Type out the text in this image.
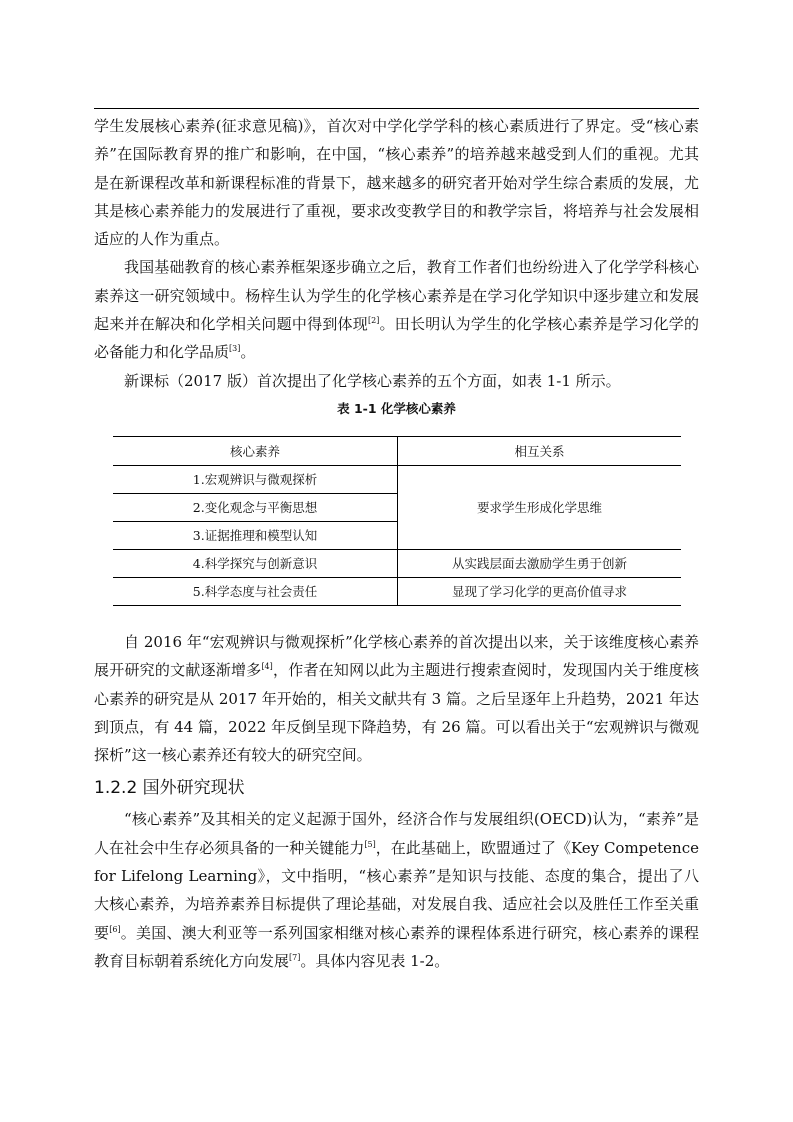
学生发展核心素养(征求意见稿)》，首次对中学化学学科的核心素质进行了界定。受“核心素养”在国际教育界的推广和影响，在中国，“核心素养”的培养越来越受到人们的重视。尤其是在新课程改革和新课程标准的背景下，越来越多的研究者开始对学生综合素质的发展，尤其是核心素养能力的发展进行了重视，要求改变教学目的和教学宗旨，将培养与社会发展相适应的人作为重点。

我国基础教育的核心素养框架逐步确立之后，教育工作者们也纷纷进入了化学学科核心素养这一研究领域中。杨梓生认为学生的化学核心素养是在学习化学知识中逐步建立和发展起来并在解决和化学相关问题中得到体现[2]。田长明认为学生的化学核心素养是学习化学的必备能力和化学品质[3]。

新课标（2017 版）首次提出了化学核心素养的五个方面，如表 1-1 所示。

表 1-1 化学核心素养
核心素养	相互关系
1.宏观辨识与微观探析	要求学生形成化学思维
2.变化观念与平衡思想	
3.证据推理和模型认知	
4.科学探究与创新意识	从实践层面去激励学生勇于创新
5.科学态度与社会责任	显现了学习化学的更高价值寻求

自 2016 年“宏观辨识与微观探析”化学核心素养的首次提出以来，关于该维度核心素养展开研究的文献逐渐增多[4]，作者在知网以此为主题进行搜索查阅时，发现国内关于维度核心素养的研究是从 2017 年开始的，相关文献共有 3 篇。之后呈逐年上升趋势，2021 年达到顶点，有 44 篇，2022 年反倒呈现下降趋势，有 26 篇。可以看出关于“宏观辨识与微观探析”这一核心素养还有较大的研究空间。

1.2.2 国外研究现状

“核心素养”及其相关的定义起源于国外，经济合作与发展组织(OECD)认为，“素养”是人在社会中生存必须具备的一种关键能力[5]，在此基础上，欧盟通过了《Key Competence for Lifelong Learning》，文中指明，“核心素养”是知识与技能、态度的集合，提出了八大核心素养，为培养素养目标提供了理论基础，对发展自我、适应社会以及胜任工作至关重要[6]。美国、澳大利亚等一系列国家相继对核心素养的课程体系进行研究，核心素养的课程教育目标朝着系统化方向发展[7]。具体内容见表 1-2。
